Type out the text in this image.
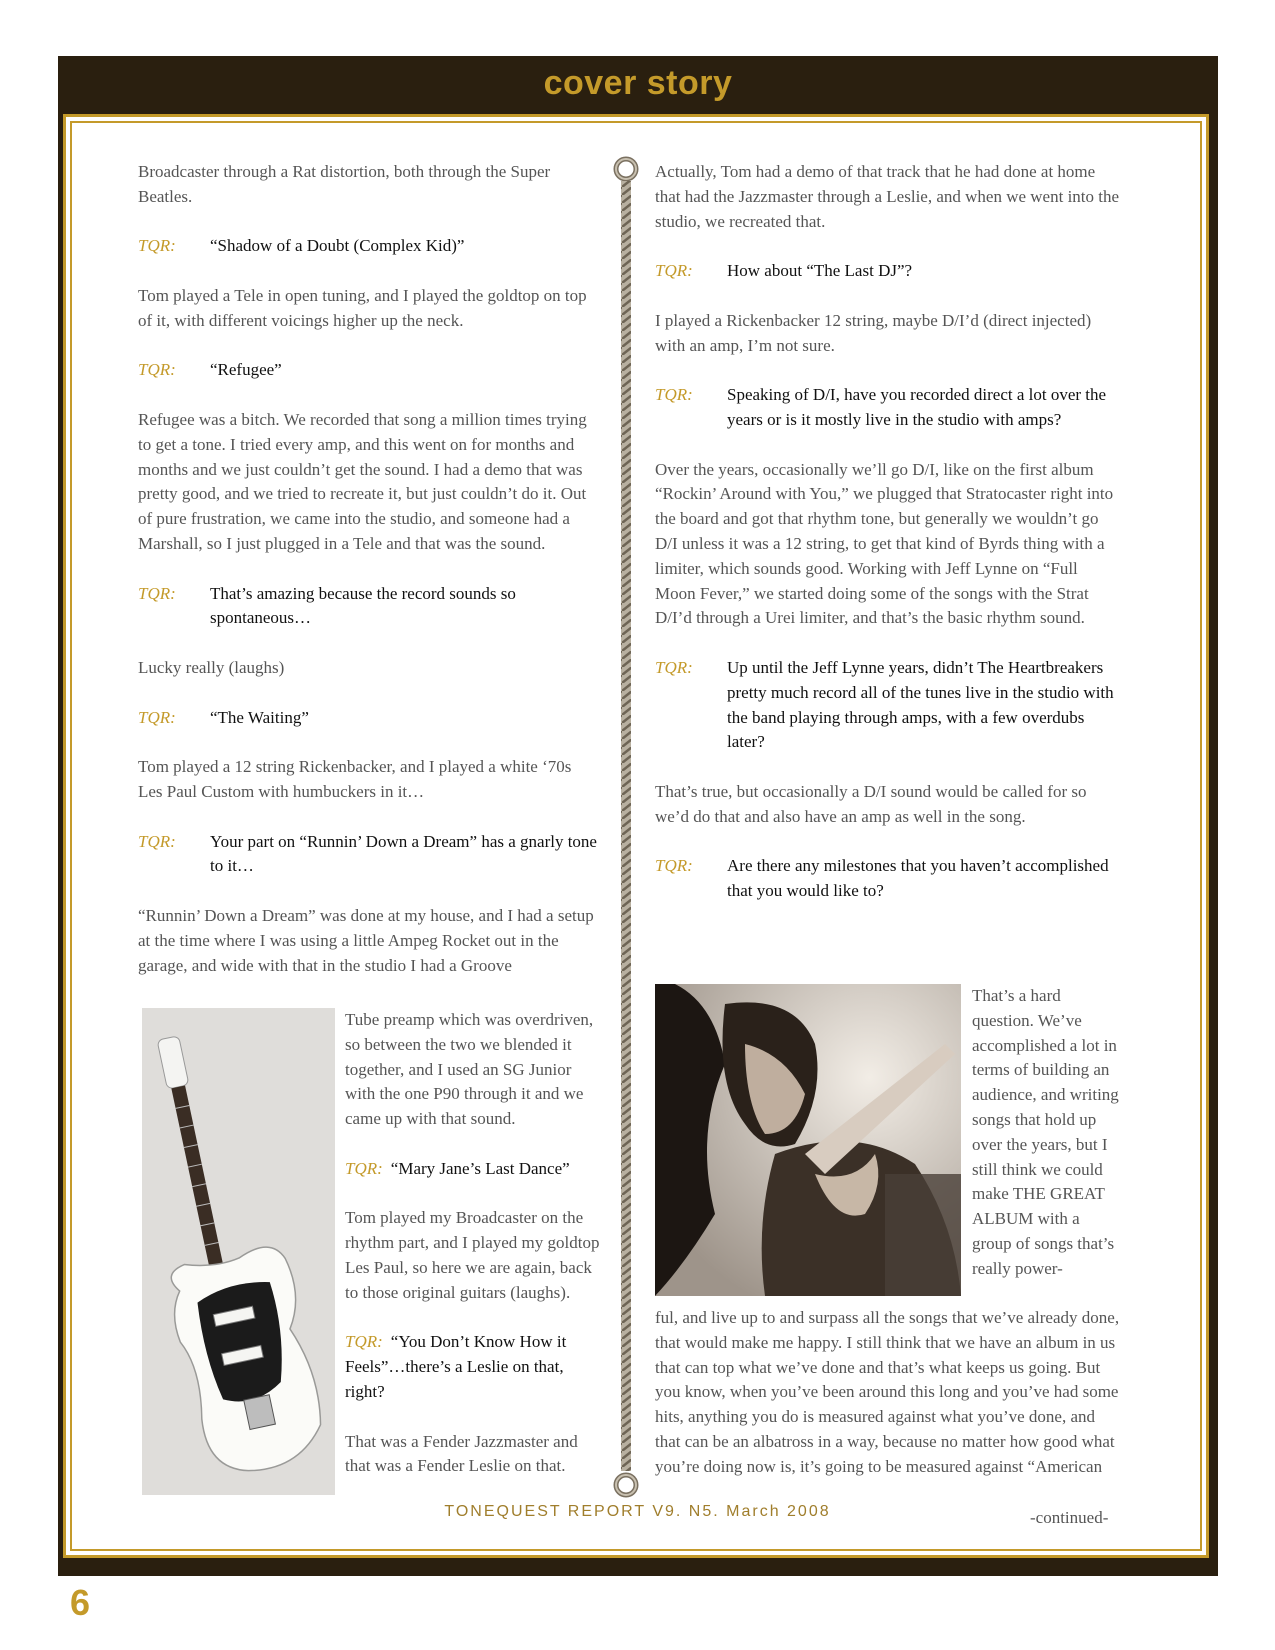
cover story

Broadcaster through a Rat distortion, both through the Super Beatles.

TQR:	“Shadow of a Doubt (Complex Kid)”

Tom played a Tele in open tuning, and I played the goldtop on top of it, with different voicings higher up the neck.

TQR:	“Refugee”

Refugee was a bitch. We recorded that song a million times trying to get a tone. I tried every amp, and this went on for months and months and we just couldn’t get the sound. I had a demo that was pretty good, and we tried to recreate it, but just couldn’t do it. Out of pure frustration, we came into the studio, and someone had a Marshall, so I just plugged in a Tele and that was the sound.

TQR:	That’s amazing because the record sounds so spontaneous…

Lucky really (laughs)

TQR:	“The Waiting”

Tom played a 12 string Rickenbacker, and I played a white ‘70s Les Paul Custom with humbuckers in it…

TQR:	Your part on “Runnin’ Down a Dream” has a gnarly tone to it…

“Runnin’ Down a Dream” was done at my house, and I had a setup at the time where I was using a little Ampeg Rocket out in the garage, and wide with that in the studio I had a Groove

Tube preamp which was overdriven, so between the two we blended it together, and I used an SG Junior with the one P90 through it and we came up with that sound.

TQR: “Mary Jane’s Last Dance”

Tom played my Broadcaster on the rhythm part, and I played my goldtop Les Paul, so here we are again, back to those original guitars (laughs).

TQR: “You Don’t Know How it Feels”…there’s a Leslie on that, right?

That was a Fender Jazzmaster and that was a Fender Leslie on that.

Actually, Tom had a demo of that track that he had done at home that had the Jazzmaster through a Leslie, and when we went into the studio, we recreated that.

TQR:	How about “The Last DJ”?

I played a Rickenbacker 12 string, maybe D/I’d (direct injected) with an amp, I’m not sure.

TQR:	Speaking of D/I, have you recorded direct a lot over the years or is it mostly live in the studio with amps?

Over the years, occasionally we’ll go D/I, like on the first album “Rockin’ Around with You,” we plugged that Stratocaster right into the board and got that rhythm tone, but generally we wouldn’t go D/I unless it was a 12 string, to get that kind of Byrds thing with a limiter, which sounds good. Working with Jeff Lynne on “Full Moon Fever,” we started doing some of the songs with the Strat D/I’d through a Urei limiter, and that’s the basic rhythm sound.

TQR:	Up until the Jeff Lynne years, didn’t The Heartbreakers pretty much record all of the tunes live in the studio with the band playing through amps, with a few overdubs later?

That’s true, but occasionally a D/I sound would be called for so we’d do that and also have an amp as well in the song.

TQR:	Are there any milestones that you haven’t accomplished that you would like to?
That’s a hard question. We’ve accomplished a lot in terms of building an audience, and writing songs that hold up over the years, but I still think we could make THE GREAT ALBUM with a group of songs that’s really power-
ful, and live up to and surpass all the songs that we’ve already done, that would make me happy. I still think that we have an album in us that can top what we’ve done and that’s what keeps us going. But you know, when you’ve been around this long and you’ve had some hits, anything you do is measured against what you’ve done, and that can be an albatross in a way, because no matter how good what you’re doing now is, it’s going to be measured against “American
-continued-
TONEQUEST REPORT V9. N5. March 2008
6
